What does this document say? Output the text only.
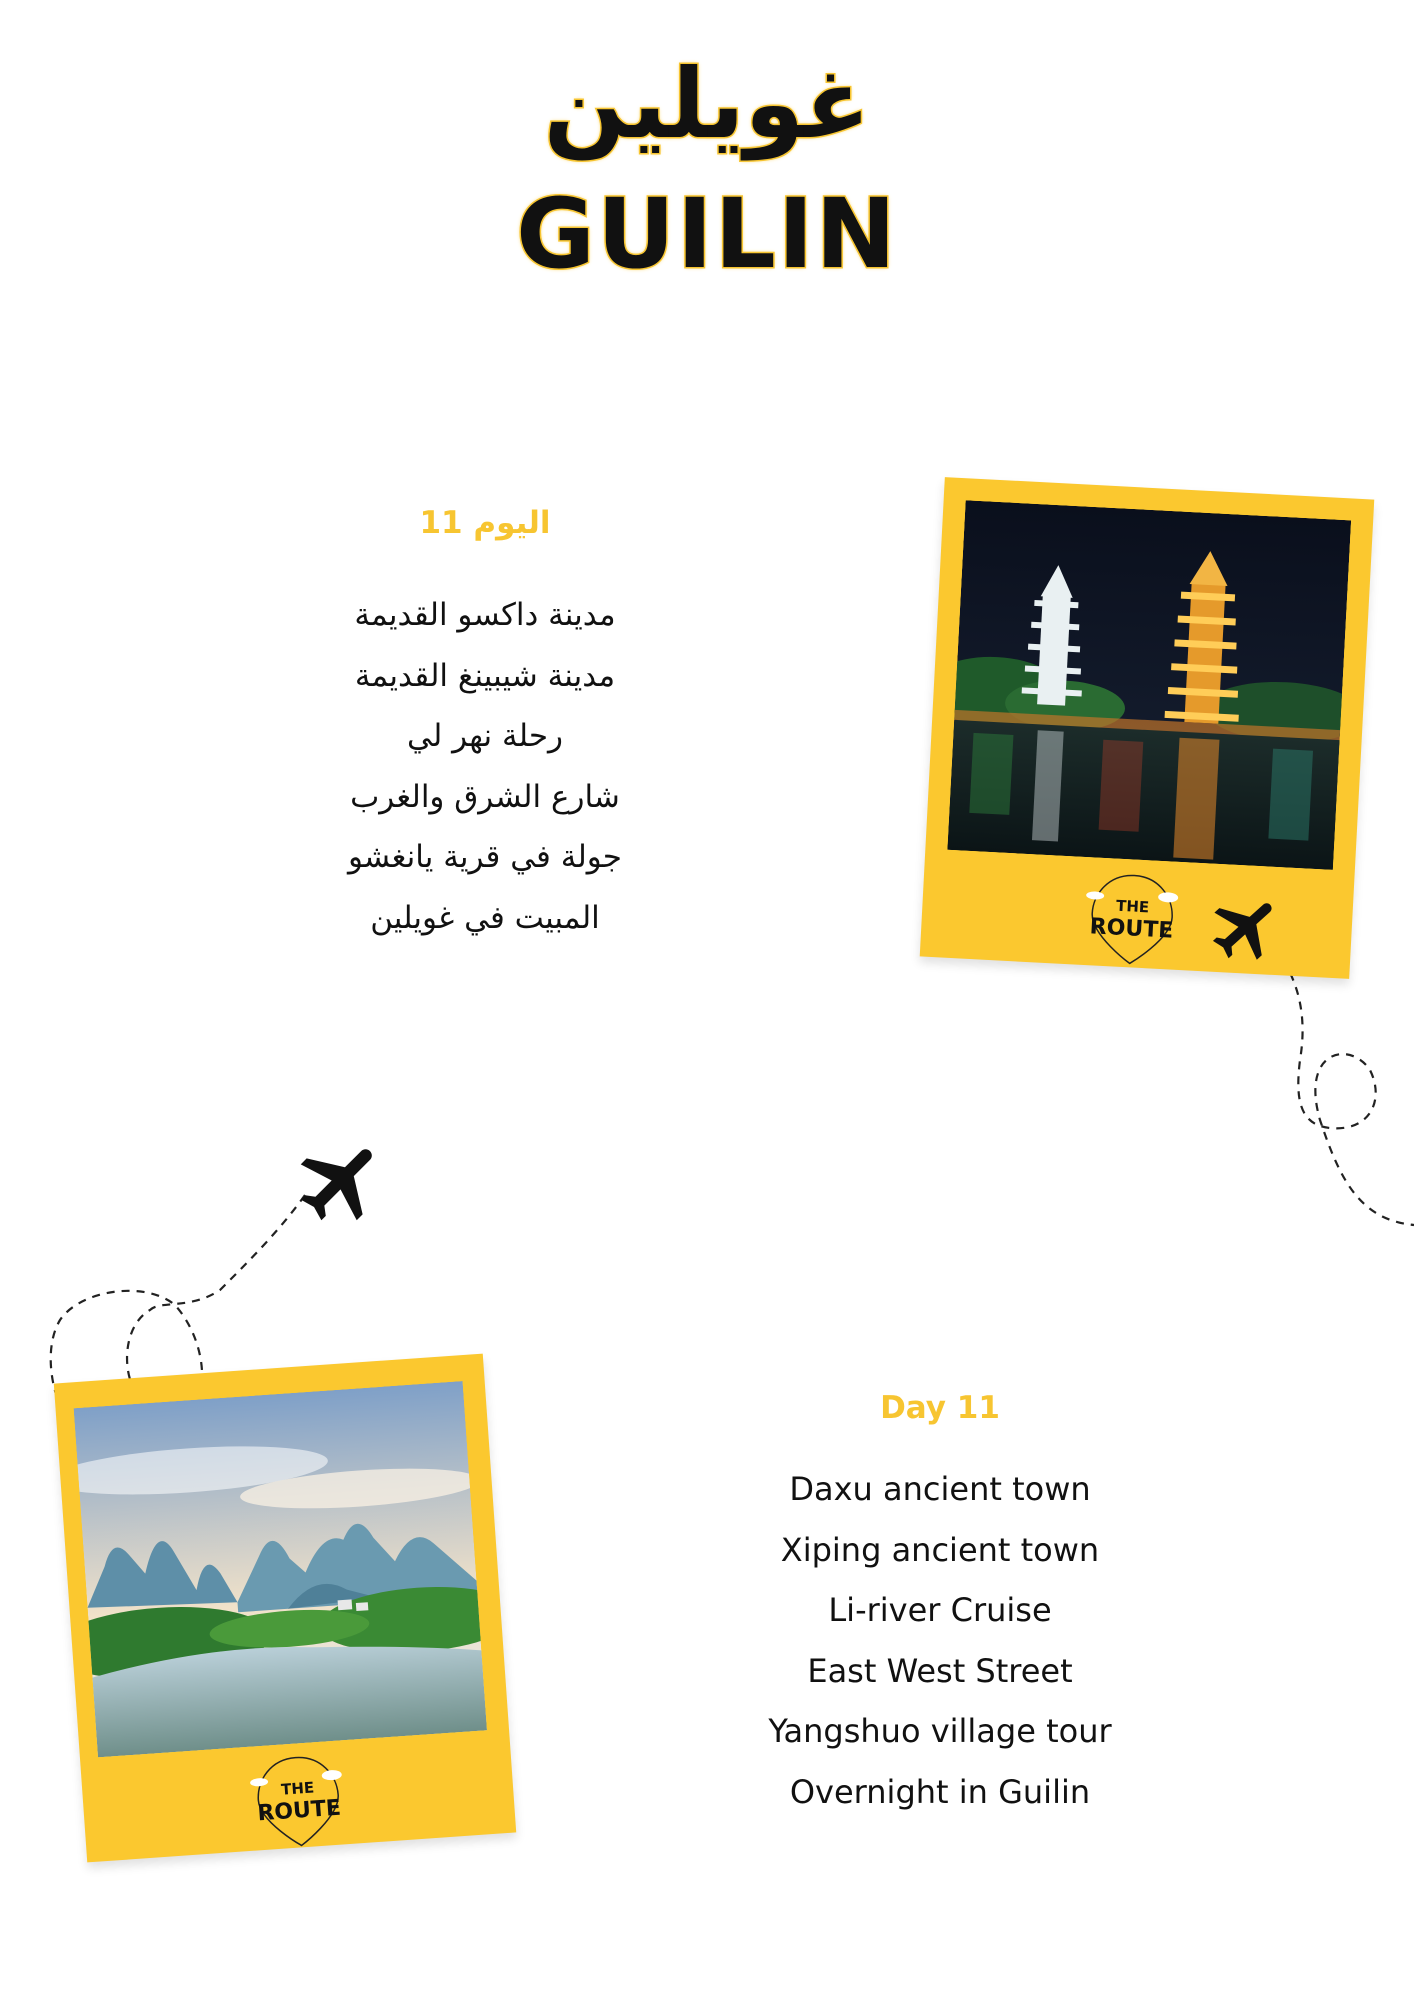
غويلين
GUILIN
اليوم 11
مدينة داكسو القديمة
مدينة شيبينغ القديمة
رحلة نهر لي
شارع الشرق والغرب
جولة في قرية يانغشو
المبيت في غويلين
Day 11
Daxu ancient town
Xiping ancient town
Li-river Cruise
East West Street
Yangshuo village tour
Overnight in Guilin
THE
ROUTE
THE
ROUTE
